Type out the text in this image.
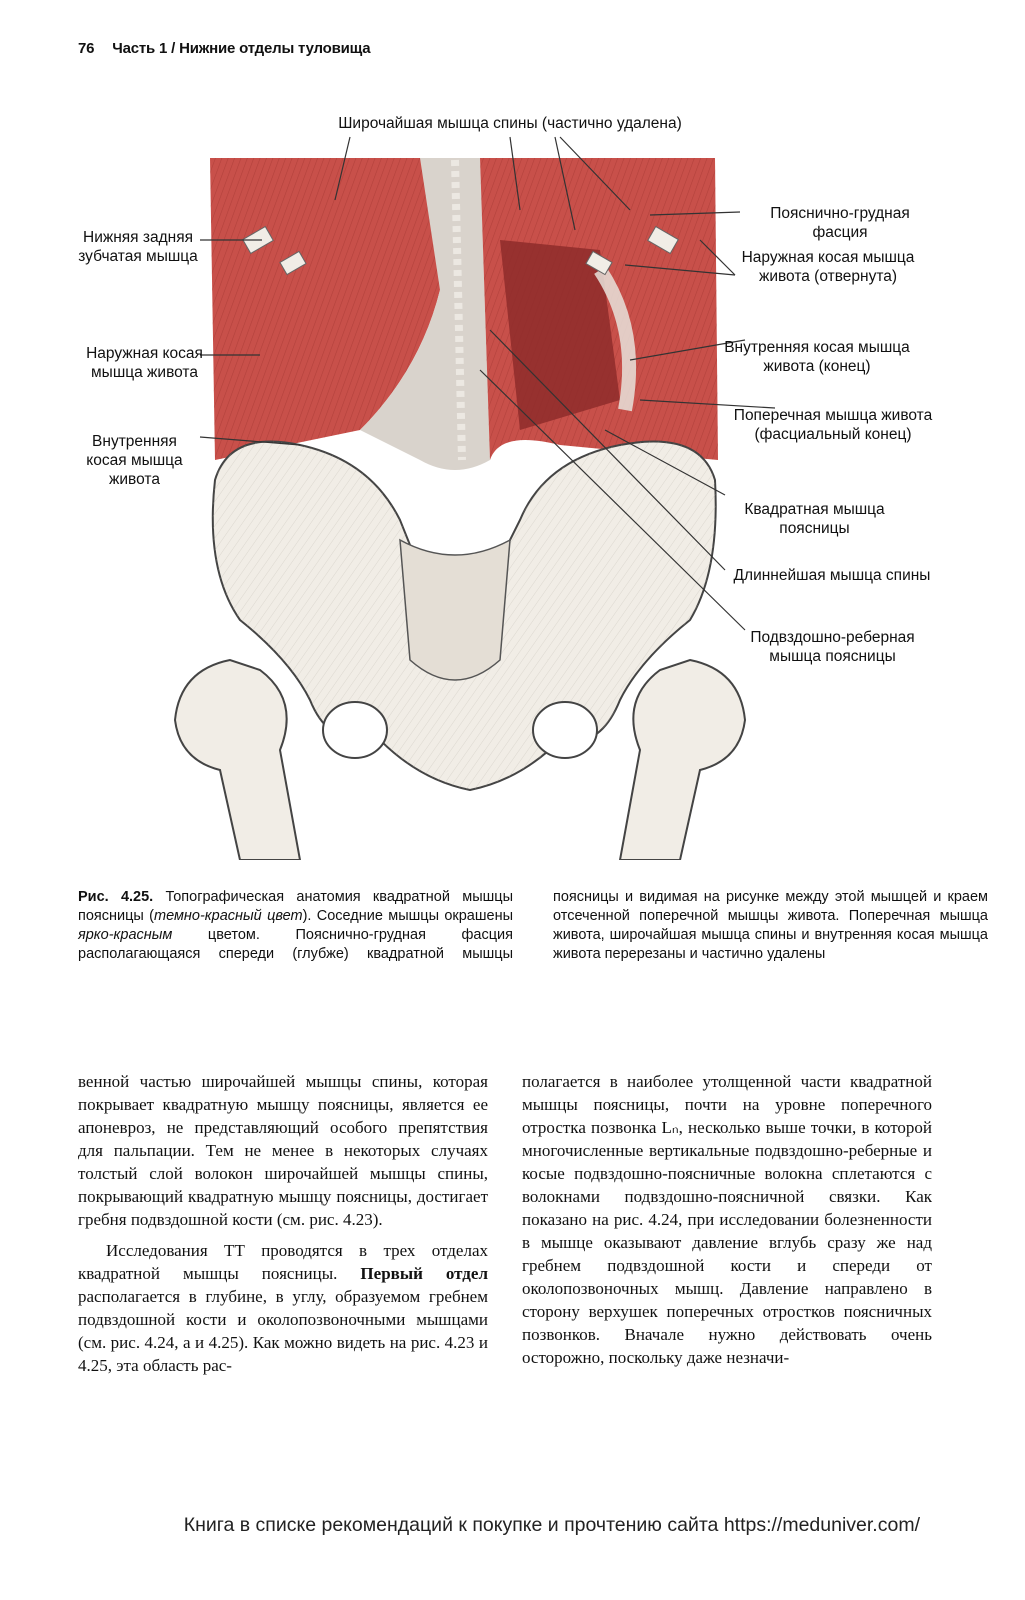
76 Часть 1 / Нижние отделы туловища
Широчайшая мышца спины (частично удалена)
Нижняя задняя зубчатая мышца
Наружная косая мышца живота
Внутренняя косая мышца живота
Пояснично-грудная фасция
Наружная косая мышца живота (отвернута)
Внутренняя косая мышца живота (конец)
Поперечная мышца живота (фасциальный конец)
Квадратная мышца поясницы
Длиннейшая мышца спины
Подвздошно-реберная мышца поясницы
Рис. 4.25. Топографическая анатомия квадратной мышцы поясницы (темно-красный цвет). Соседние мышцы окрашены ярко-красным цветом. Пояснично-грудная фасция располагающаяся спереди (глубже) квадратной мышцы поясницы и видимая на рисунке между этой мышцей и краем отсеченной поперечной мышцы живота. Поперечная мышца живота, широчайшая мышца спины и внутренняя косая мышца живота перерезаны и частично удалены

венной частью широчайшей мышцы спины, которая покрывает квадратную мышцу поясницы, является ее апоневроз, не представляющий особого препятствия для пальпации. Тем не менее в некоторых случаях толстый слой волокон широчайшей мышцы спины, покрывающий квадратную мышцу поясницы, достигает гребня подвздошной кости (см. рис. 4.23).

Исследования ТТ проводятся в трех отделах квадратной мышцы поясницы. Первый отдел располагается в глубине, в углу, образуемом гребнем подвздошной кости и околопозвоночными мышцами (см. рис. 4.24, а и 4.25). Как можно видеть на рис. 4.23 и 4.25, эта область рас-

полагается в наиболее утолщенной части квадратной мышцы поясницы, почти на уровне поперечного отростка позвонка Lₙ, несколько выше точки, в которой многочисленные вертикальные подвздошно-реберные и косые подвздошно-поясничные волокна сплетаются с волокнами подвздошно-поясничной связки. Как показано на рис. 4.24, при исследовании болезненности в мышце оказывают давление вглубь сразу же над гребнем подвздошной кости и спереди от околопозвоночных мышц. Давление направлено в сторону верхушек поперечных отростков поясничных позвонков. Вначале нужно действовать очень осторожно, поскольку даже незначи-

Книга в списке рекомендаций к покупке и прочтению сайта https://meduniver.com/
